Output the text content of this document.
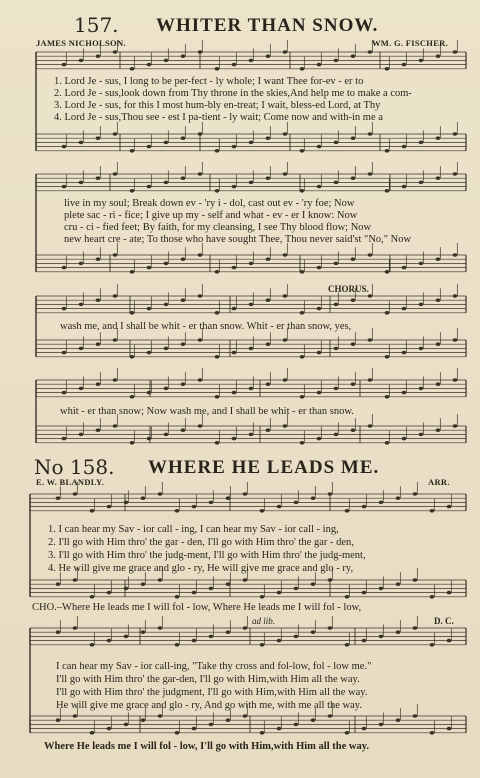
157. WHITER THAN SNOW.
JAMES NICHOLSON.	WM. G. FISCHER.
1. Lord Je - sus, I long to be per-fect - ly whole; I want Thee for-ev - er to
2. Lord Je - sus,look down from Thy throne in the skies,And help me to make a com-
3. Lord Je - sus, for this I most hum-bly en-treat; I wait, bless-ed Lord, at Thy
4. Lord Je - sus,Thou see - est I pa-tient - ly wait; Come now and with-in me a
live in my soul; Break down ev - 'ry i - dol, cast out ev - 'ry foe; Now
plete sac - ri - fice; I give up my - self and what - ev - er I know: Now
cru - ci - fied feet; By faith, for my cleansing, I see Thy blood flow; Now
new heart cre - ate; To those who have sought Thee, Thou never said'st "No," Now
CHORUS.
wash me, and I shall be whit - er than snow. Whit - er than snow, yes,
whit - er than snow; Now wash me, and I shall be whit - er than snow.
No 158. WHERE HE LEADS ME.
E. W. BLANDLY.	ARR.
1. I can hear my Sav - ior call - ing, I can hear my Sav - ior call - ing,
2. I'll go with Him thro' the gar - den, I'll go with Him thro' the gar - den,
3. I'll go with Him thro' the judg-ment, I'll go with Him thro' the judg-ment,
4. He will give me grace and glo - ry, He will give me grace and glo - ry,
CHO.–Where He leads me I will fol - low, Where He leads me I will fol - low,
ad lib.	D. C.
I can hear my Sav - ior call-ing, "Take thy cross and fol-low, fol - low me."
I'll go with Him thro' the gar-den, I'll go with Him,with Him all the way.
I'll go with Him thro' the judgment, I'll go with Him,with Him all the way.
He will give me grace and glo - ry, And go with me, with me all the way.
Where He leads me I will fol - low, I'll go with Him,with Him all the way.
